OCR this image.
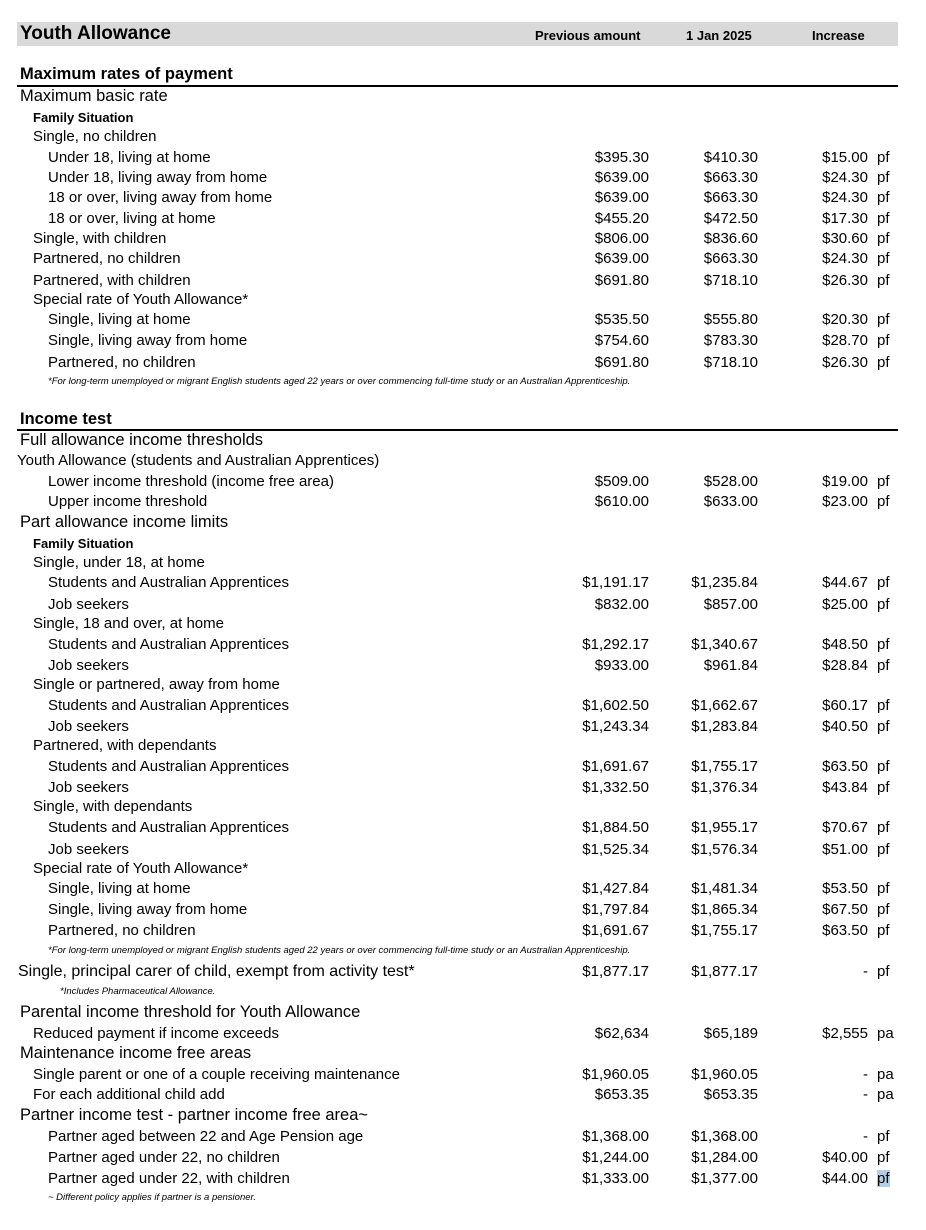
Youth Allowance	Previous amount	1 Jan 2025	Increase
Maximum rates of payment
Maximum basic rate
Family Situation
Single, no children
Under 18, living at home	$395.30	$410.30	$15.00 pf
Under 18, living away from home	$639.00	$663.30	$24.30 pf
18 or over, living away from home	$639.00	$663.30	$24.30 pf
18 or over, living at home	$455.20	$472.50	$17.30 pf
Single, with children	$806.00	$836.60	$30.60 pf
Partnered, no children	$639.00	$663.30	$24.30 pf
Partnered, with children	$691.80	$718.10	$26.30 pf
Special rate of Youth Allowance*
Single, living at home	$535.50	$555.80	$20.30 pf
Single, living away from home	$754.60	$783.30	$28.70 pf
Partnered, no children	$691.80	$718.10	$26.30 pf
*For long-term unemployed or migrant English students aged 22 years or over commencing full-time study or an Australian Apprenticeship.
Income test
Full allowance income thresholds
Youth Allowance (students and Australian Apprentices)
Lower income threshold (income free area)	$509.00	$528.00	$19.00 pf
Upper income threshold	$610.00	$633.00	$23.00 pf
Part allowance income limits
Family Situation
Single, under 18, at home
Students and Australian Apprentices	$1,191.17	$1,235.84	$44.67 pf
Job seekers	$832.00	$857.00	$25.00 pf
Single, 18 and over, at home
Students and Australian Apprentices	$1,292.17	$1,340.67	$48.50 pf
Job seekers	$933.00	$961.84	$28.84 pf
Single or partnered, away from home
Students and Australian Apprentices	$1,602.50	$1,662.67	$60.17 pf
Job seekers	$1,243.34	$1,283.84	$40.50 pf
Partnered, with dependants
Students and Australian Apprentices	$1,691.67	$1,755.17	$63.50 pf
Job seekers	$1,332.50	$1,376.34	$43.84 pf
Single, with dependants
Students and Australian Apprentices	$1,884.50	$1,955.17	$70.67 pf
Job seekers	$1,525.34	$1,576.34	$51.00 pf
Special rate of Youth Allowance*
Single, living at home	$1,427.84	$1,481.34	$53.50 pf
Single, living away from home	$1,797.84	$1,865.34	$67.50 pf
Partnered, no children	$1,691.67	$1,755.17	$63.50 pf
*For long-term unemployed or migrant English students aged 22 years or over commencing full-time study or an Australian Apprenticeship.
Single, principal carer of child, exempt from activity test*	$1,877.17	$1,877.17	- pf
*Includes Pharmaceutical Allowance.
Parental income threshold for Youth Allowance
Reduced payment if income exceeds	$62,634	$65,189	$2,555 pa
Maintenance income free areas
Single parent or one of a couple receiving maintenance	$1,960.05	$1,960.05	- pa
For each additional child add	$653.35	$653.35	- pa
Partner income test - partner income free area~
Partner aged between 22 and Age Pension age	$1,368.00	$1,368.00	- pf
Partner aged under 22, no children	$1,244.00	$1,284.00	$40.00 pf
Partner aged under 22, with children	$1,333.00	$1,377.00	$44.00 pf
~ Different policy applies if partner is a pensioner.
